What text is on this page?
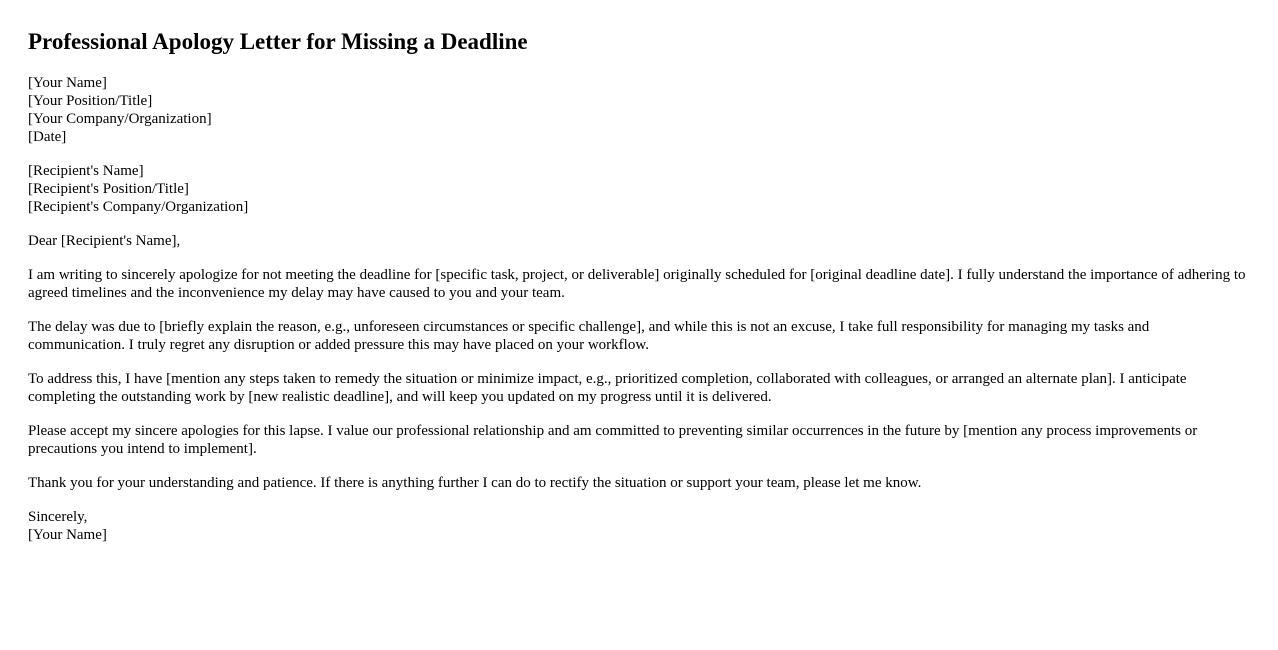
Professional Apology Letter for Missing a Deadline
[Your Name]
[Your Position/Title]
[Your Company/Organization]
[Date]
[Recipient's Name]
[Recipient's Position/Title]
[Recipient's Company/Organization]

Dear [Recipient's Name],

I am writing to sincerely apologize for not meeting the deadline for [specific task, project, or deliverable] originally scheduled for [original deadline date]. I fully understand the importance of adhering to agreed timelines and the inconvenience my delay may have caused to you and your team.

The delay was due to [briefly explain the reason, e.g., unforeseen circumstances or specific challenge], and while this is not an excuse, I take full responsibility for managing my tasks and communication. I truly regret any disruption or added pressure this may have placed on your workflow.

To address this, I have [mention any steps taken to remedy the situation or minimize impact, e.g., prioritized completion, collaborated with colleagues, or arranged an alternate plan]. I anticipate completing the outstanding work by [new realistic deadline], and will keep you updated on my progress until it is delivered.

Please accept my sincere apologies for this lapse. I value our professional relationship and am committed to preventing similar occurrences in the future by [mention any process improvements or precautions you intend to implement].

Thank you for your understanding and patience. If there is anything further I can do to rectify the situation or support your team, please let me know.

Sincerely,
[Your Name]
